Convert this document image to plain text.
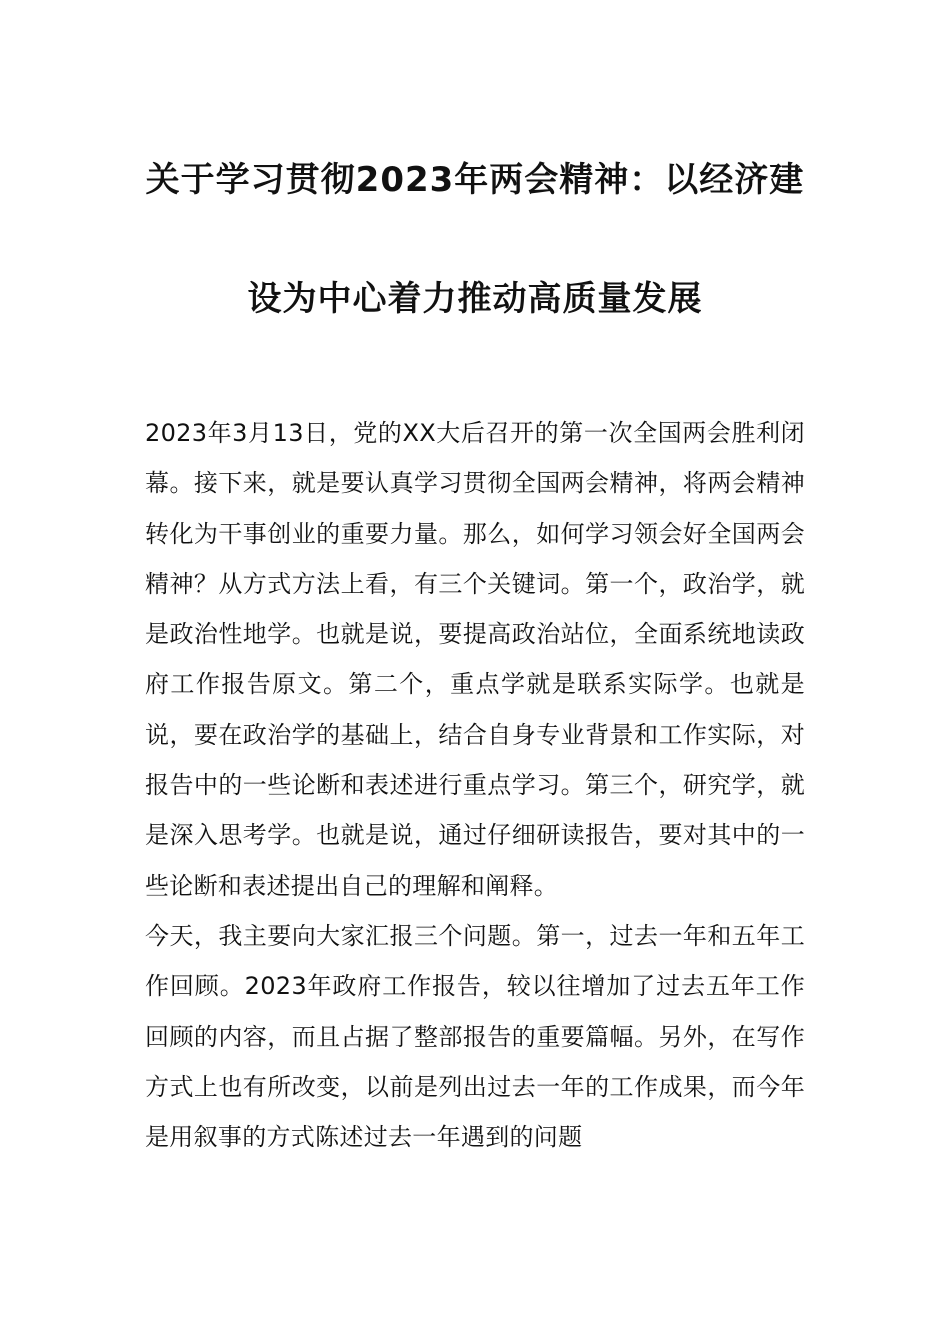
关于学习贯彻2023年两会精神：以经济建
设为中心着力推动高质量发展

2023年3月13日，党的XX大后召开的第一次全国两会胜利闭幕。接下来，就是要认真学习贯彻全国两会精神，将两会精神转化为干事创业的重要力量。那么，如何学习领会好全国两会精神？从方式方法上看，有三个关键词。第一个，政治学，就是政治性地学。也就是说，要提高政治站位，全面系统地读政府工作报告原文。第二个，重点学就是联系实际学。也就是说，要在政治学的基础上，结合自身专业背景和工作实际，对报告中的一些论断和表述进行重点学习。第三个，研究学，就是深入思考学。也就是说，通过仔细研读报告，要对其中的一些论断和表述提出自己的理解和阐释。

今天，我主要向大家汇报三个问题。第一，过去一年和五年工作回顾。2023年政府工作报告，较以往增加了过去五年工作回顾的内容，而且占据了整部报告的重要篇幅。另外，在写作方式上也有所改变，以前是列出过去一年的工作成果，而今年是用叙事的方式陈述过去一年遇到的问题
